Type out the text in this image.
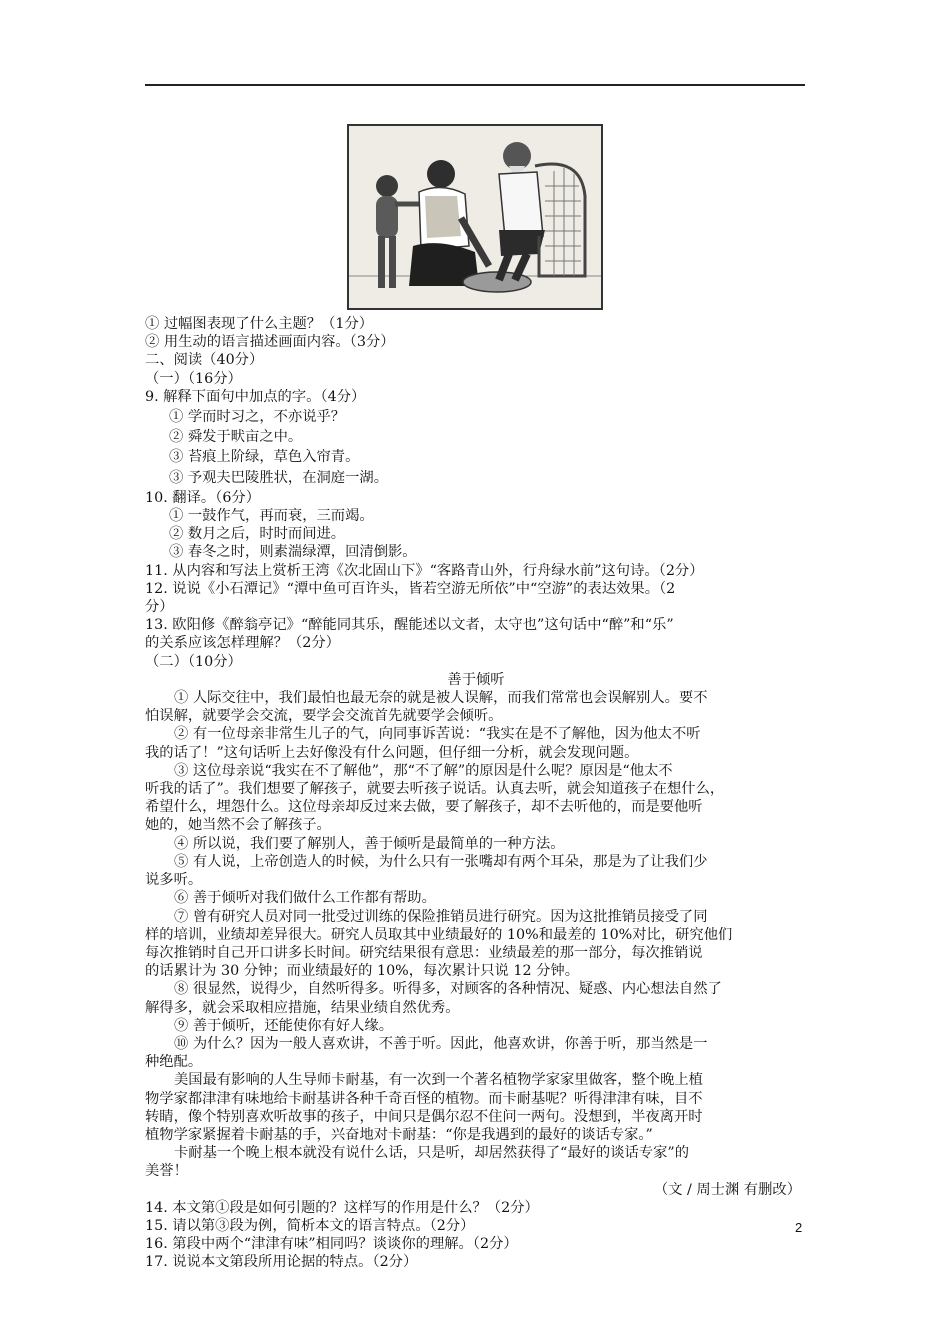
① 过幅图表现了什么主题？（1分）
② 用生动的语言描述画面内容。（3分）
二、阅读（40分）
（一）（16分）
9. 解释下面句中加点的字。（4分）
① 学而时习之，不亦说乎？
② 舜发于畎亩之中。
③ 苔痕上阶绿，草色入帘青。
③ 予观夫巴陵胜状，在洞庭一湖。
10. 翻译。（6分）
① 一鼓作气，再而衰，三而竭。
② 数月之后，时时而间进。
③ 春冬之时，则素湍绿潭，回清倒影。
11. 从内容和写法上赏析王湾《次北固山下》“客路青山外，行舟绿水前”这句诗。（2分）
12. 说说《小石潭记》“潭中鱼可百许头，皆若空游无所依”中“空游”的表达效果。（2
分）
13. 欧阳修《醉翁亭记》“醉能同其乐，醒能述以文者，太守也”这句话中“醉”和“乐”
的关系应该怎样理解？（2分）
（二）（10分）
善于倾听
① 人际交往中，我们最怕也最无奈的就是被人误解，而我们常常也会误解别人。要不
怕误解，就要学会交流，要学会交流首先就要学会倾听。
② 有一位母亲非常生儿子的气，向同事诉苦说：“我实在是不了解他，因为他太不听
我的话了！”这句话听上去好像没有什么问题，但仔细一分析，就会发现问题。
③ 这位母亲说“我实在不了解他”，那“不了解”的原因是什么呢？原因是“他太不
听我的话了”。我们想要了解孩子，就要去听孩子说话。认真去听，就会知道孩子在想什么，
希望什么，埋怨什么。这位母亲却反过来去做，要了解孩子，却不去听他的，而是要他听
她的，她当然不会了解孩子。
④ 所以说，我们要了解别人，善于倾听是最简单的一种方法。
⑤ 有人说，上帝创造人的时候，为什么只有一张嘴却有两个耳朵，那是为了让我们少
说多听。
⑥ 善于倾听对我们做什么工作都有帮助。
⑦ 曾有研究人员对同一批受过训练的保险推销员进行研究。因为这批推销员接受了同
样的培训，业绩却差异很大。研究人员取其中业绩最好的 10%和最差的 10%对比，研究他们
每次推销时自己开口讲多长时间。研究结果很有意思：业绩最差的那一部分，每次推销说
的话累计为 30 分钟；而业绩最好的 10%，每次累计只说 12 分钟。
⑧ 很显然，说得少，自然听得多。听得多，对顾客的各种情况、疑惑、内心想法自然了
解得多，就会采取相应措施，结果业绩自然优秀。
⑨ 善于倾听，还能使你有好人缘。
⑩ 为什么？因为一般人喜欢讲，不善于听。因此，他喜欢讲，你善于听，那当然是一
种绝配。
美国最有影响的人生导师卡耐基，有一次到一个著名植物学家家里做客，整个晚上植
物学家都津津有味地给卡耐基讲各种千奇百怪的植物。而卡耐基呢？听得津津有味，目不
转睛，像个特别喜欢听故事的孩子，中间只是偶尔忍不住问一两句。没想到，半夜离开时
植物学家紧握着卡耐基的手，兴奋地对卡耐基：“你是我遇到的最好的谈话专家。”
卡耐基一个晚上根本就没有说什么话，只是听，却居然获得了“最好的谈话专家”的
美誉！
（文 / 周士渊 有删改）
14. 本文第①段是如何引题的？这样写的作用是什么？（2分）
15. 请以第③段为例，简析本文的语言特点。（2分）
16. 第段中两个“津津有味”相同吗？谈谈你的理解。（2分）
17. 说说本文第段所用论据的特点。（2分）
2
